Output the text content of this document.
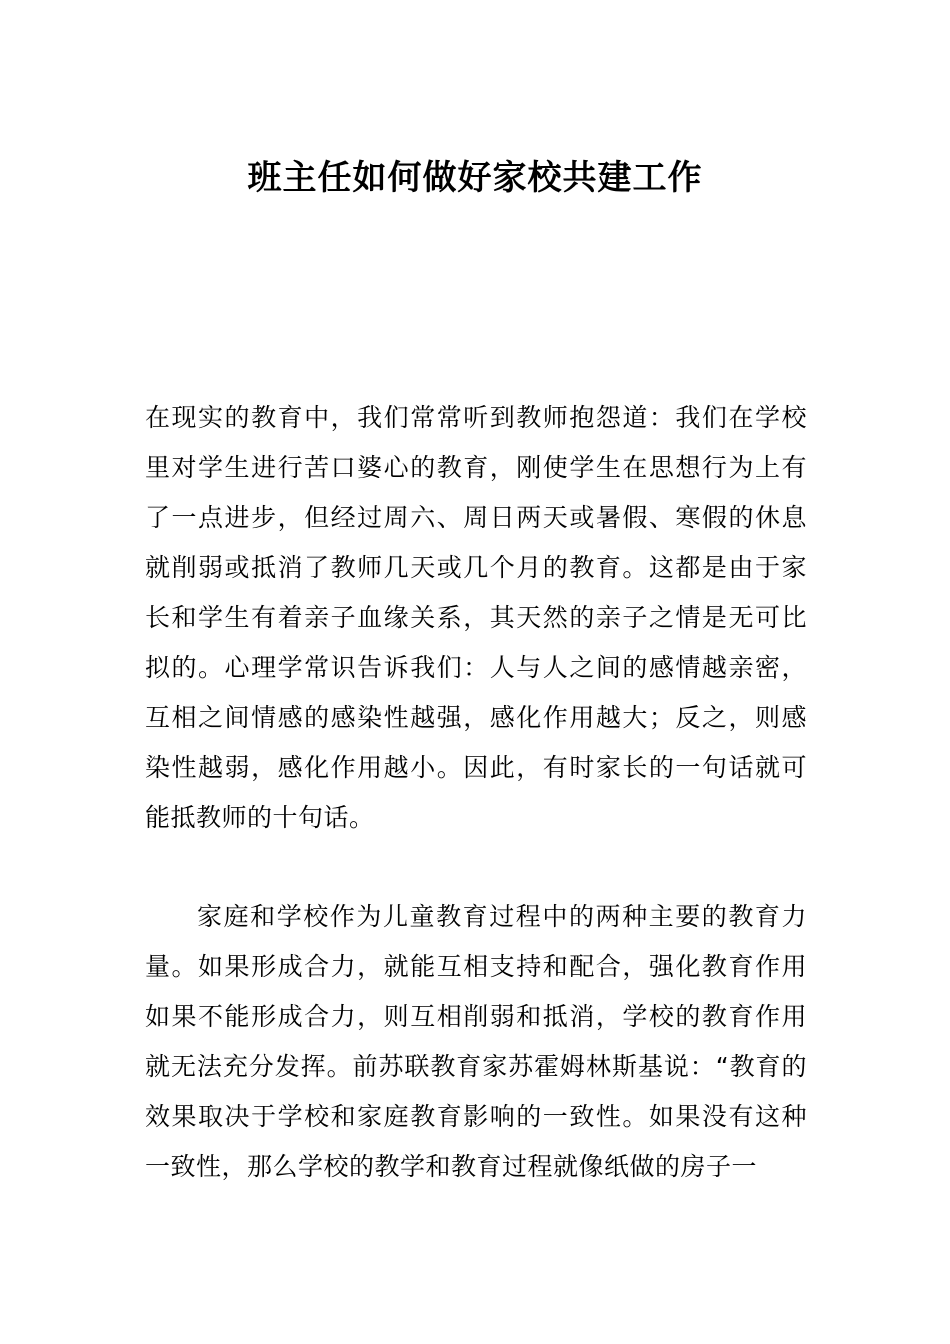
班主任如何做好家校共建工作

在现实的教育中，我们常常听到教师抱怨道：我们在学校里对学生进行苦口婆心的教育，刚使学生在思想行为上有了一点进步，但经过周六、周日两天或暑假、寒假的休息就削弱或抵消了教师几天或几个月的教育。这都是由于家长和学生有着亲子血缘关系，其天然的亲子之情是无可比拟的。心理学常识告诉我们：人与人之间的感情越亲密，互相之间情感的感染性越强，感化作用越大；反之，则感染性越弱，感化作用越小。因此，有时家长的一句话就可能抵教师的十句话。

家庭和学校作为儿童教育过程中的两种主要的教育力量。如果形成合力，就能互相支持和配合，强化教育作用如果不能形成合力，则互相削弱和抵消，学校的教育作用就无法充分发挥。前苏联教育家苏霍姆林斯基说：“教育的效果取决于学校和家庭教育影响的一致性。如果没有这种一致性，那么学校的教学和教育过程就像纸做的房子一
